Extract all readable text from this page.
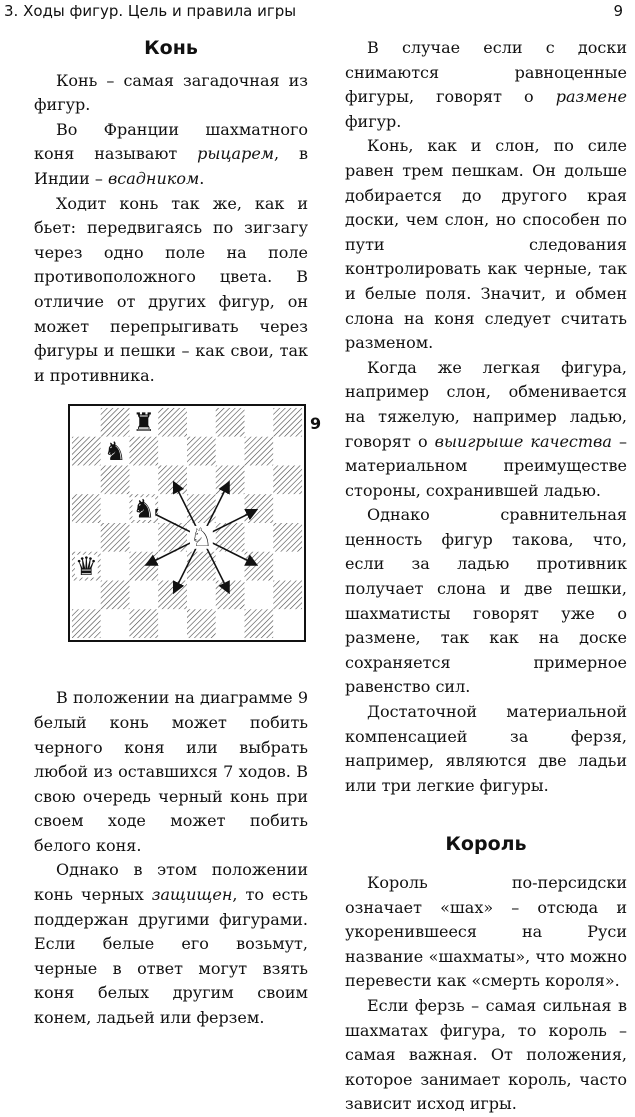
3. Ходы фигур. Цель и правила игры	9
Конь

Конь – самая загадочная из фигур.

Во Франции шахматного коня называют рыцарем, в Индии – всадником.

Ходит конь так же, как и бьет: передвигаясь по зигзагу через одно поле на поле противоположного цвета. В отличие от других фигур, он может перепрыгивать через фигуры и пешки – как свои, так и противника.

♜
♞
♞
♘
♛
9

В положении на диаграмме 9 белый конь может побить черного коня или выбрать любой из оставшихся 7 ходов. В свою очередь черный конь при своем ходе может побить белого коня.

Однако в этом положении конь черных защищен, то есть поддержан другими фигурами. Если белые его возьмут, черные в ответ могут взять коня белых другим своим конем, ладьей или ферзем.

В случае если с доски снимаются равноценные фигуры, говорят о размене фигур.

Конь, как и слон, по силе равен трем пешкам. Он дольше добирается до другого края доски, чем слон, но способен по пути следования контролировать как черные, так и белые поля. Значит, и обмен слона на коня следует считать разменом.

Когда же легкая фигура, например слон, обменивается на тяжелую, например ладью, говорят о выигрыше качества – материальном преимуществе стороны, сохранившей ладью.

Однако сравнительная ценность фигур такова, что, если за ладью противник получает слона и две пешки, шахматисты говорят уже о размене, так как на доске сохраняется примерное равенство сил.

Достаточной материальной компенсацией за ферзя, например, являются две ладьи или три легкие фигуры.

Король

Король по-персидски означает «шах» – отсюда и укоренившееся на Руси название «шахматы», что можно перевести как «смерть короля».

Если ферзь – самая сильная в шахматах фигура, то король – самая важная. От положения, которое занимает король, часто зависит исход игры.
